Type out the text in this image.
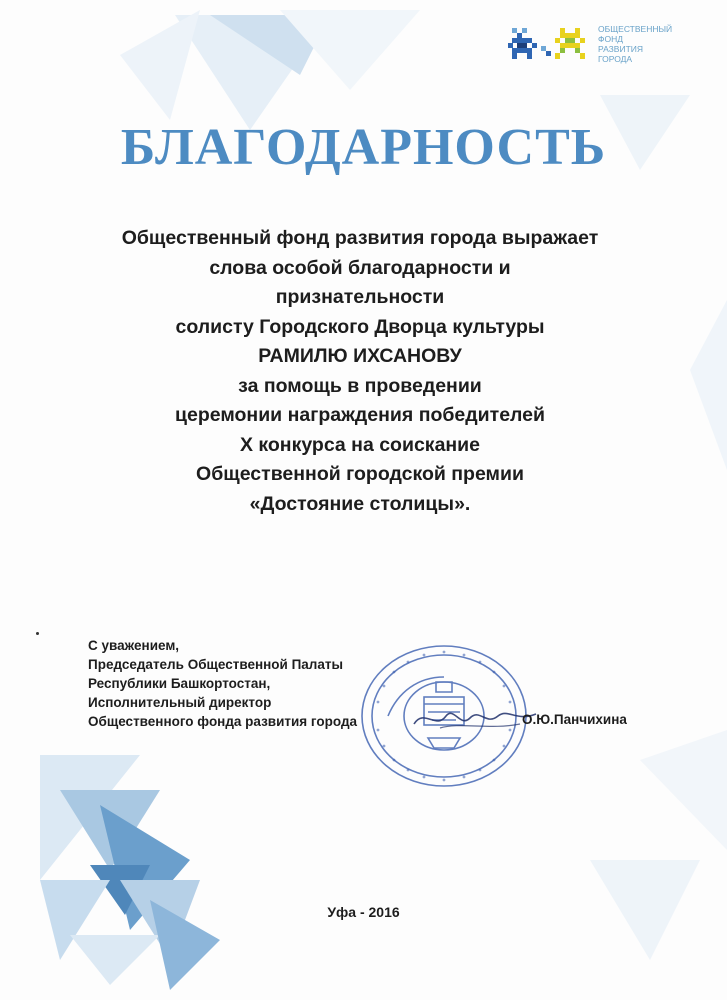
ОБЩЕСТВЕННЫЙ
ФОНД
РАЗВИТИЯ
ГОРОДА
БЛАГОДАРНОСТЬ
Общественный фонд развития города выражает
слова особой благодарности и
признательности
солисту Городского Дворца культуры
РАМИЛЮ ИХСАНОВУ
за помощь в проведении
церемонии награждения победителей
X конкурса на соискание
Общественной городской премии
«Достояние столицы».
С уважением,
Председатель Общественной Палаты
Республики Башкортостан,
Исполнительный директор
Общественного фонда развития города	О.Ю.Панчихина
Уфа - 2016
